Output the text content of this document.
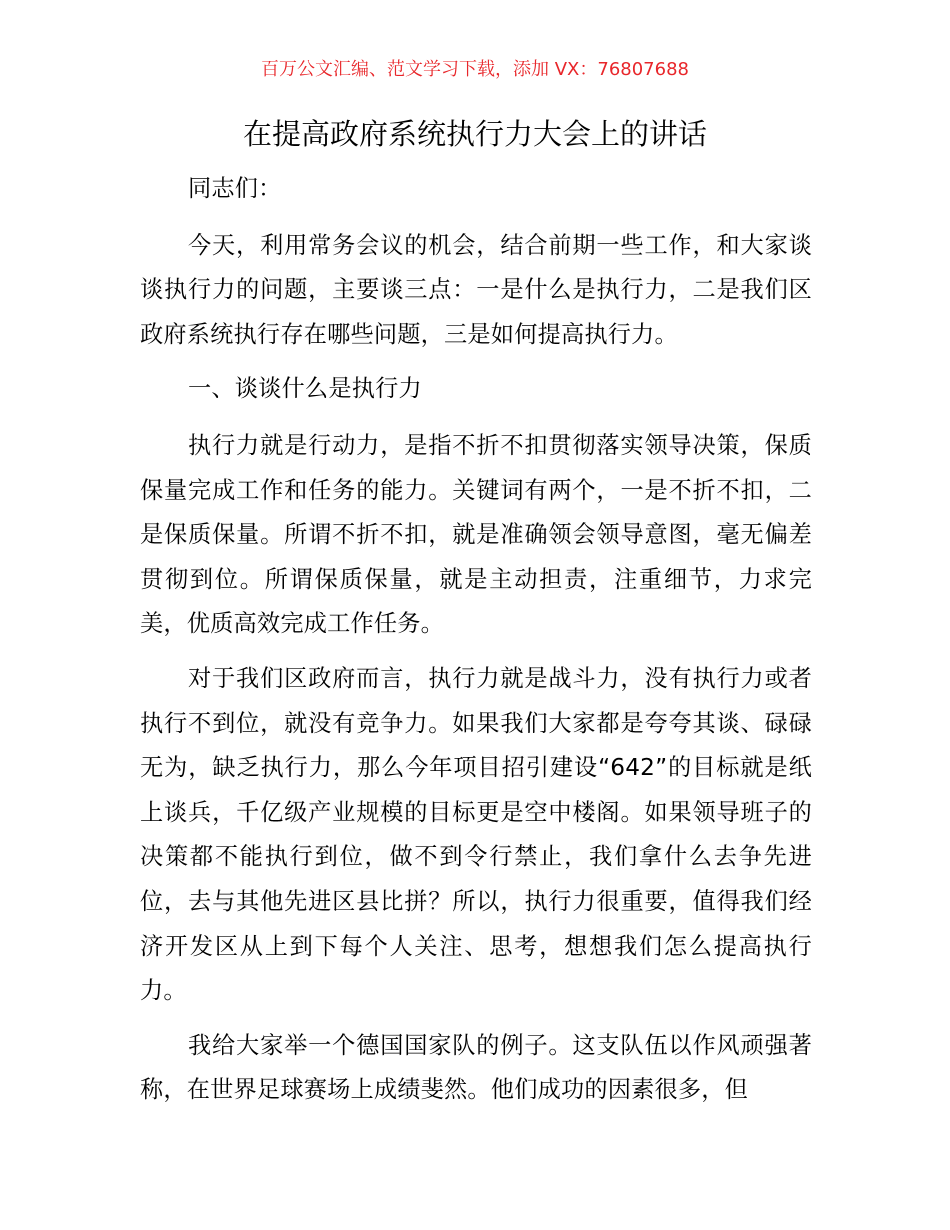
百万公文汇编、范文学习下载，添加 VX：76807688
在提高政府系统执行力大会上的讲话

同志们：

今天，利用常务会议的机会，结合前期一些工作，和大家谈谈执行力的问题，主要谈三点：一是什么是执行力，二是我们区政府系统执行存在哪些问题，三是如何提高执行力。

一、谈谈什么是执行力

执行力就是行动力，是指不折不扣贯彻落实领导决策，保质保量完成工作和任务的能力。关键词有两个，一是不折不扣，二是保质保量。所谓不折不扣，就是准确领会领导意图，毫无偏差贯彻到位。所谓保质保量，就是主动担责，注重细节，力求完美，优质高效完成工作任务。

对于我们区政府而言，执行力就是战斗力，没有执行力或者执行不到位，就没有竞争力。如果我们大家都是夸夸其谈、碌碌无为，缺乏执行力，那么今年项目招引建设“642”的目标就是纸上谈兵，千亿级产业规模的目标更是空中楼阁。如果领导班子的决策都不能执行到位，做不到令行禁止，我们拿什么去争先进位，去与其他先进区县比拼？所以，执行力很重要，值得我们经济开发区从上到下每个人关注、思考，想想我们怎么提高执行力。

我给大家举一个德国国家队的例子。这支队伍以作风顽强著称，在世界足球赛场上成绩斐然。他们成功的因素很多，但
